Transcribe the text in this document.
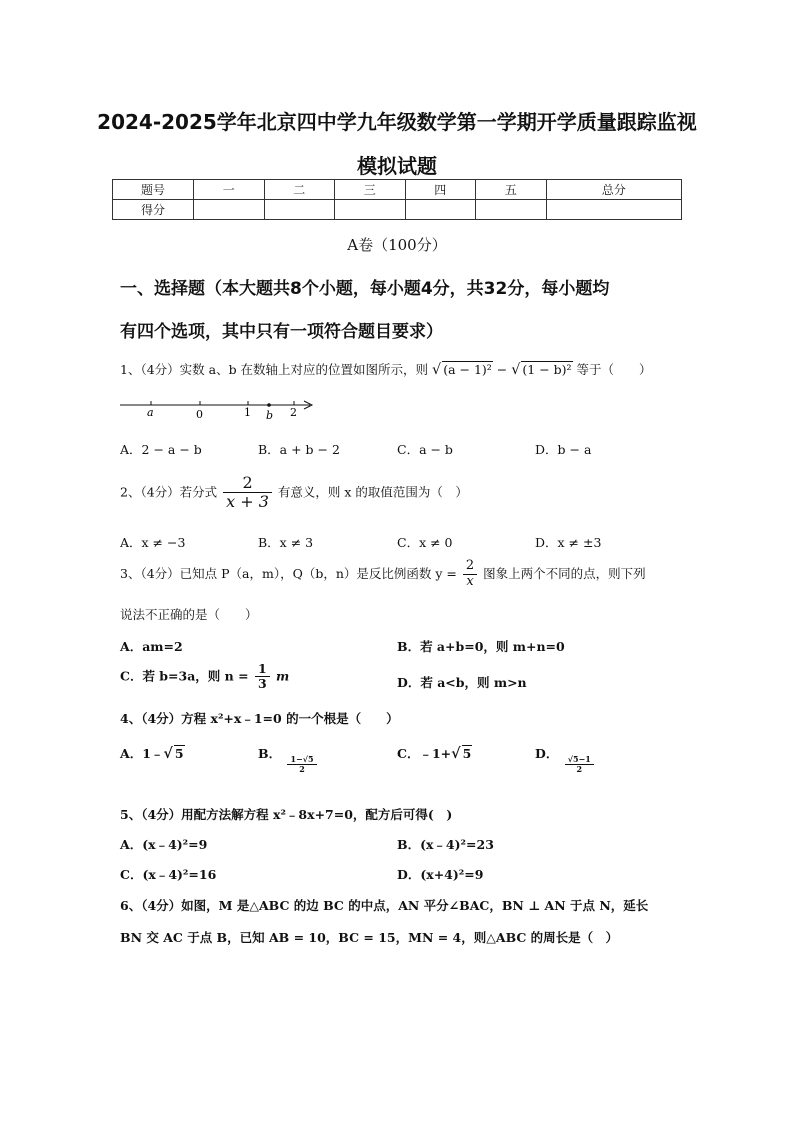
2024-2025学年北京四中学九年级数学第一学期开学质量跟踪监视
模拟试题
题号	一	二	三	四	五	总分
得分						
A卷（100分）
一、选择题（本大题共8个小题，每小题4分，共32分，每小题均
有四个选项，其中只有一项符合题目要求）
1、（4分）实数 a、b 在数轴上对应的位置如图所示，则 √ (a − 1)² − √ (1 − b)² 等于（　　）
a	0	1 b 2
A．2 − a − b	B．a + b − 2	C．a − b	D．b − a
2、（4分）若分式 $\frac{2}{x + 3}$ 有意义，则 x 的取值范围为（　）
A．x ≠ −3	B．x ≠ 3	C．x ≠ 0	D．x ≠ ±3
3、（4分）已知点 P（a，m），Q（b，n）是反比例函数 $y = \frac{2}{x}$ 图象上两个不同的点，则下列
说法不正确的是（　　）
A．am=2	B．若 a+b=0，则 m+n=0
C．若 b=3a，则 $n = \frac{1}{3}$ m	D．若 a<b，则 m>n
4、（4分）方程 x²+x﹣1=0 的一个根是（　　）
A．1﹣√ 5	B．
$\frac{1-√5}{2}$
C．﹣1+√ 5	D．
$\frac{√5-1}{2}$
5、（4分）用配方法解方程 x²﹣8x+7=0，配方后可得(　)
A．(x﹣4)²=9	B．(x﹣4)²=23
C．(x﹣4)²=16	D．(x+4)²=9
6、（4分）如图，M 是△ABC 的边 BC 的中点，AN 平分∠BAC，BN ⊥ AN 于点 N，延长
BN 交 AC 于点 B，已知 AB = 10，BC = 15，MN = 4，则△ABC 的周长是（　）
